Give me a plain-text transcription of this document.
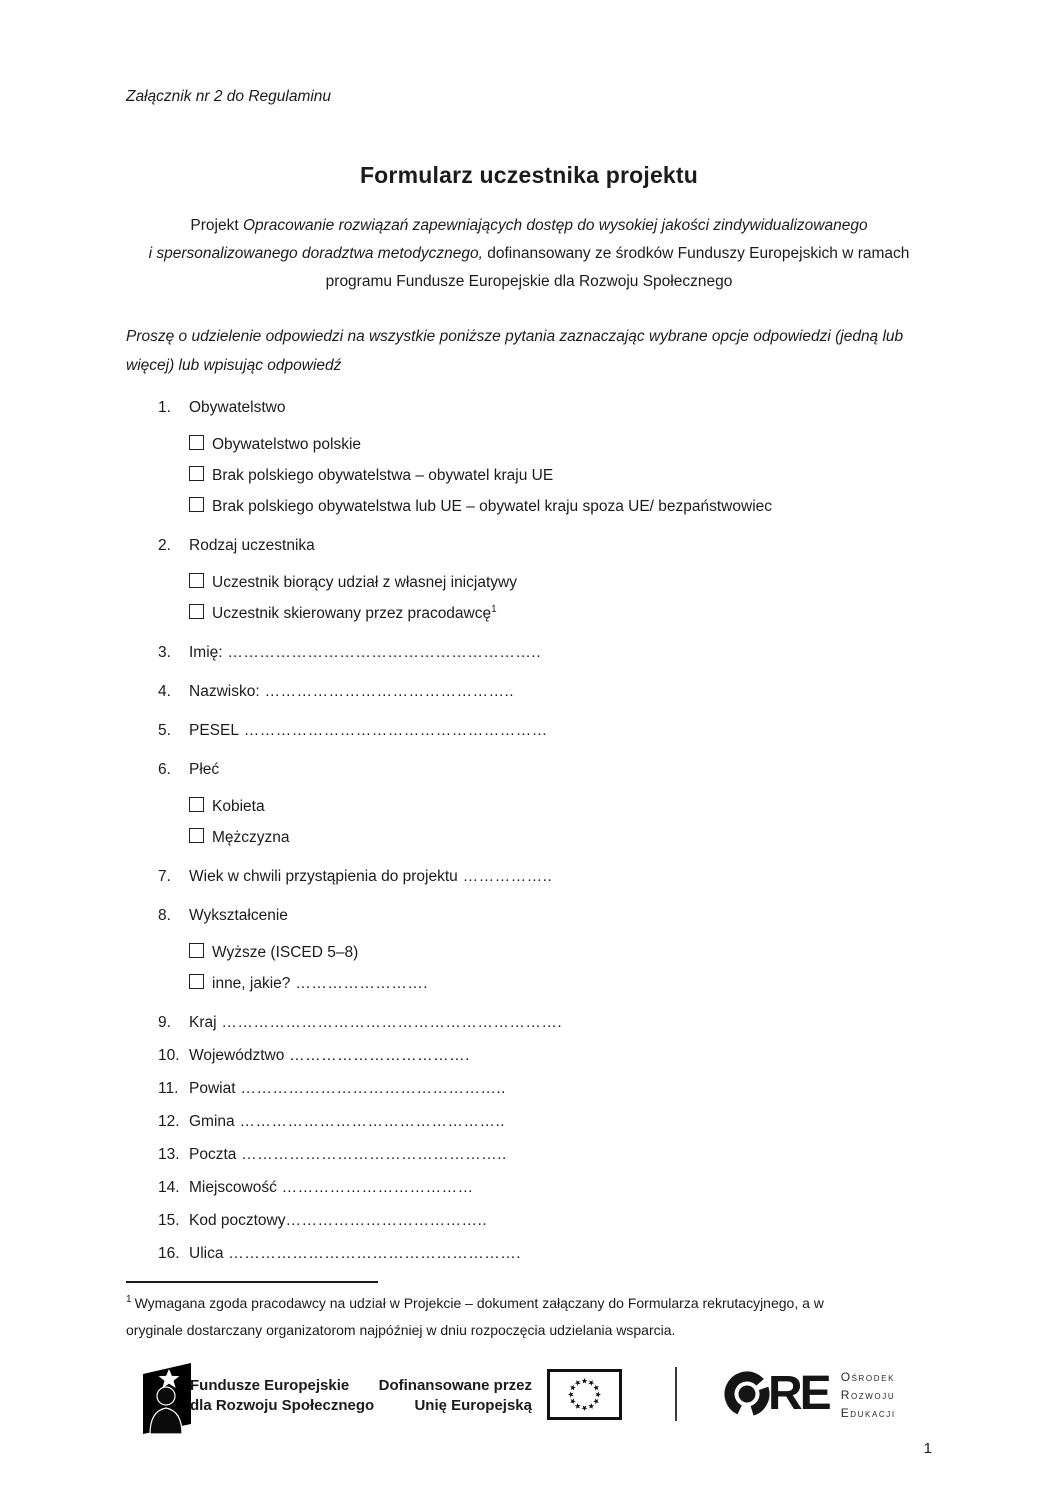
Załącznik nr 2 do Regulaminu
Formularz uczestnika projektu
Projekt Opracowanie rozwiązań zapewniających dostęp do wysokiej jakości zindywidualizowanego
i spersonalizowanego doradztwa metodycznego, dofinansowany ze środków Funduszy Europejskich w ramach
programu Fundusze Europejskie dla Rozwoju Społecznego
Proszę o udzielenie odpowiedzi na wszystkie poniższe pytania zaznaczając wybrane opcje odpowiedzi (jedną lub więcej) lub wpisując odpowiedź
1.	Obywatelstwo
Obywatelstwo polskie
Brak polskiego obywatelstwa – obywatel kraju UE
Brak polskiego obywatelstwa lub UE – obywatel kraju spoza UE/ bezpaństwowiec
2.	Rodzaj uczestnika
Uczestnik biorący udział z własnej inicjatywy
Uczestnik skierowany przez pracodawcę$^1$
3.	Imię: …………………………………………………..
4.	Nazwisko: ………………………………………..
5.	PESEL …………………………………………………
6.	Płeć
Kobieta
Mężczyzna
7.	Wiek w chwili przystąpienia do projektu ……………..
8.	Wykształcenie
Wyższe (ISCED 5–8)
inne, jakie? …………………….
9.	Kraj ……………………………………………………….
10. Województwo …………………………….
11. Powiat …………………………………………..
12. Gmina …………………………………………..
13. Poczta …………………………………………..
14. Miejscowość ………………………………
15. Kod pocztowy………………………………..
16. Ulica ……………………………………………….
$^1$ Wymagana zgoda pracodawcy na udział w Projekcie – dokument załączany do Formularza rekrutacyjnego, a w oryginale dostarczany organizatorom najpóźniej w dniu rozpoczęcia udzielania wsparcia.
Fundusze Europejskie
dla Rozwoju Społecznego
Dofinansowane przez
Unię Europejską	RE Ośrodek
Rozwoju
Edukacji
1
